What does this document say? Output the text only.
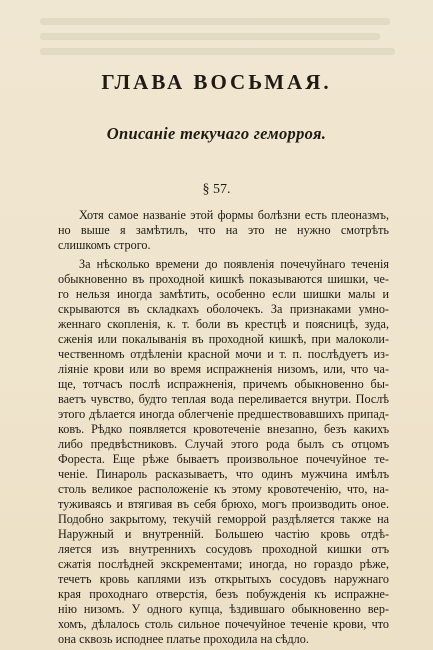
ГЛАВА ВОСЬМАЯ.
Описаніе текучаго геморроя.
§ 57.
Хотя самое названіе этой формы болѣзни есть плеоназмъ,
но выше я замѣтилъ, что на это не нужно смотрѣть
слишкомъ строго.
За нѣсколько времени до появленія почечуйнаго теченія
обыкновенно въ проходной кишкѣ показываются шишки, че-
го нельзя иногда замѣтить, особенно если шишки малы и
скрываются въ складкахъ оболочекъ. За признаками умно-
женнаго скопленія, к. т. боли въ крестцѣ и поясницѣ, зуда,
сженія или покалыванія въ проходной кишкѣ, при малоколи-
чественномъ отдѣленіи красной мочи и т. п. послѣдуетъ из-
ліяніе крови или во время испражненія низомъ, или, что ча-
ще, тотчасъ послѣ испражненія, причемъ обыкновенно бы-
ваетъ чувство, будто теплая вода переливается внутри. Послѣ
этого дѣлается иногда облегченіе предшествовавшихъ припад-
ковъ. Рѣдко появляется кровотеченіе внезапно, безъ какихъ
либо предвѣстниковъ. Случай этого рода былъ съ отцомъ
Фореста. Еще рѣже бываетъ произвольное почечуйное те-
ченіе. Пинароль расказываетъ, что одинъ мужчина имѣлъ
столь великое расположеніе къ этому кровотеченію, что, на-
туживаясь и втягивая въ себя брюхо, могъ производить оное.
Подобно закрытому, текучій геморрой раздѣляется также на
Наружный и внутренній. Большею частію кровь отдѣ-
ляется изъ внутреннихъ сосудовъ проходной кишки отъ
сжатія послѣдней экскрементами; иногда, но гораздо рѣже,
течетъ кровь каплями изъ открытыхъ сосудовъ наружнаго
края проходнаго отверстія, безъ побужденія къ испражне-
нію низомъ. У одного купца, ѣздившаго обыкновенно вер-
хомъ, дѣлалось столь сильное почечуйное теченіе крови, что
она сквозь исподнее платье проходила на сѣдло.
